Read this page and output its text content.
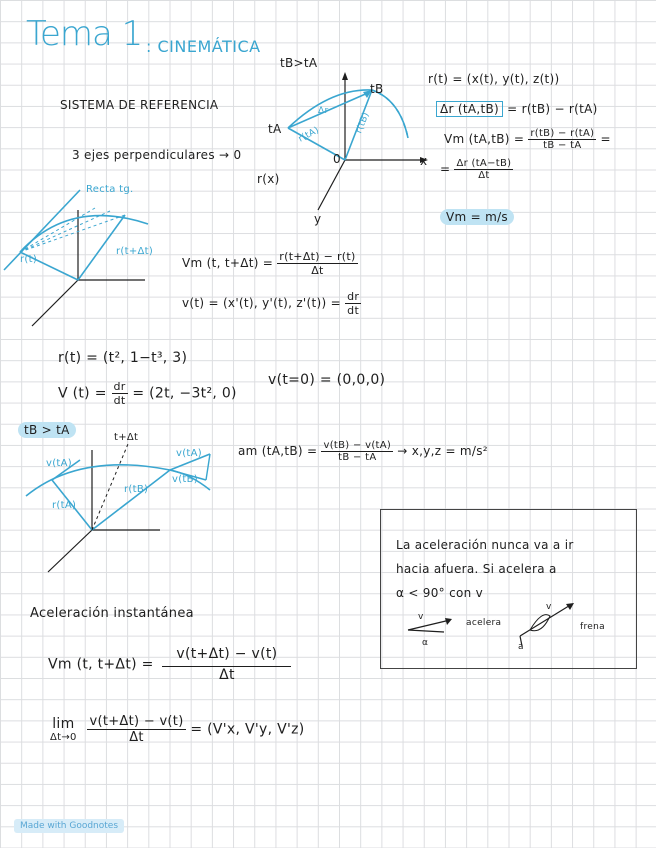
Tema 1 : CINEMÁTICA
SISTEMA DE REFERENCIA
3 ejes perpendiculares → 0
tB>tA
r(x)
tA
tB
0	x
y
r(tA)	r(tB)
Δr
r(t) = (x(t), y(t), z(t))
Δr (tA,tB) = r(tB) − r(tA)
Vm $(tA,tB) = \frac{r(tB) - r(tA)}{tB - tA}$ =
= $\frac{\Delta r (tA-tB)}{\Delta t}$
Vm = m/s
Recta tg.
r(t)
r(t+Δt)
Vm (t, $t+\Delta t) = \frac{r(t+\Delta t) - r(t)}{\Delta t}$
v(t) = (x'(t), y'(t), $z'(t)) = \frac{dr}{dt}$
r(t) = (t², 1−t³, 3)
V $(t) = \frac{dr}{dt} = (2t$, −3t², 0)
v(t=0) = (0,0,0)
tB > tA
t+Δt
v(tA)
v(tB)
v(tA)
r(tA)
r(tB)
am $(tA,tB) = \frac{v(tB) - v(tA)}{tB - tA} \to x,y,z = m/s^2$
La aceleración nunca va a ir
hacia afuera. Si acelera a
α < 90° con v
v
α
acelera
v
a
frena
Aceleración instantánea
Vm (t, $t+\Delta t) = \frac{v(t+\Delta t) - v(t)}{\Delta t}$
lim
Δt→0
$\frac{v(t+\Delta t) - v(t)}{\Delta t} = (V'x$, V'y, V'z)
Made with Goodnotes
